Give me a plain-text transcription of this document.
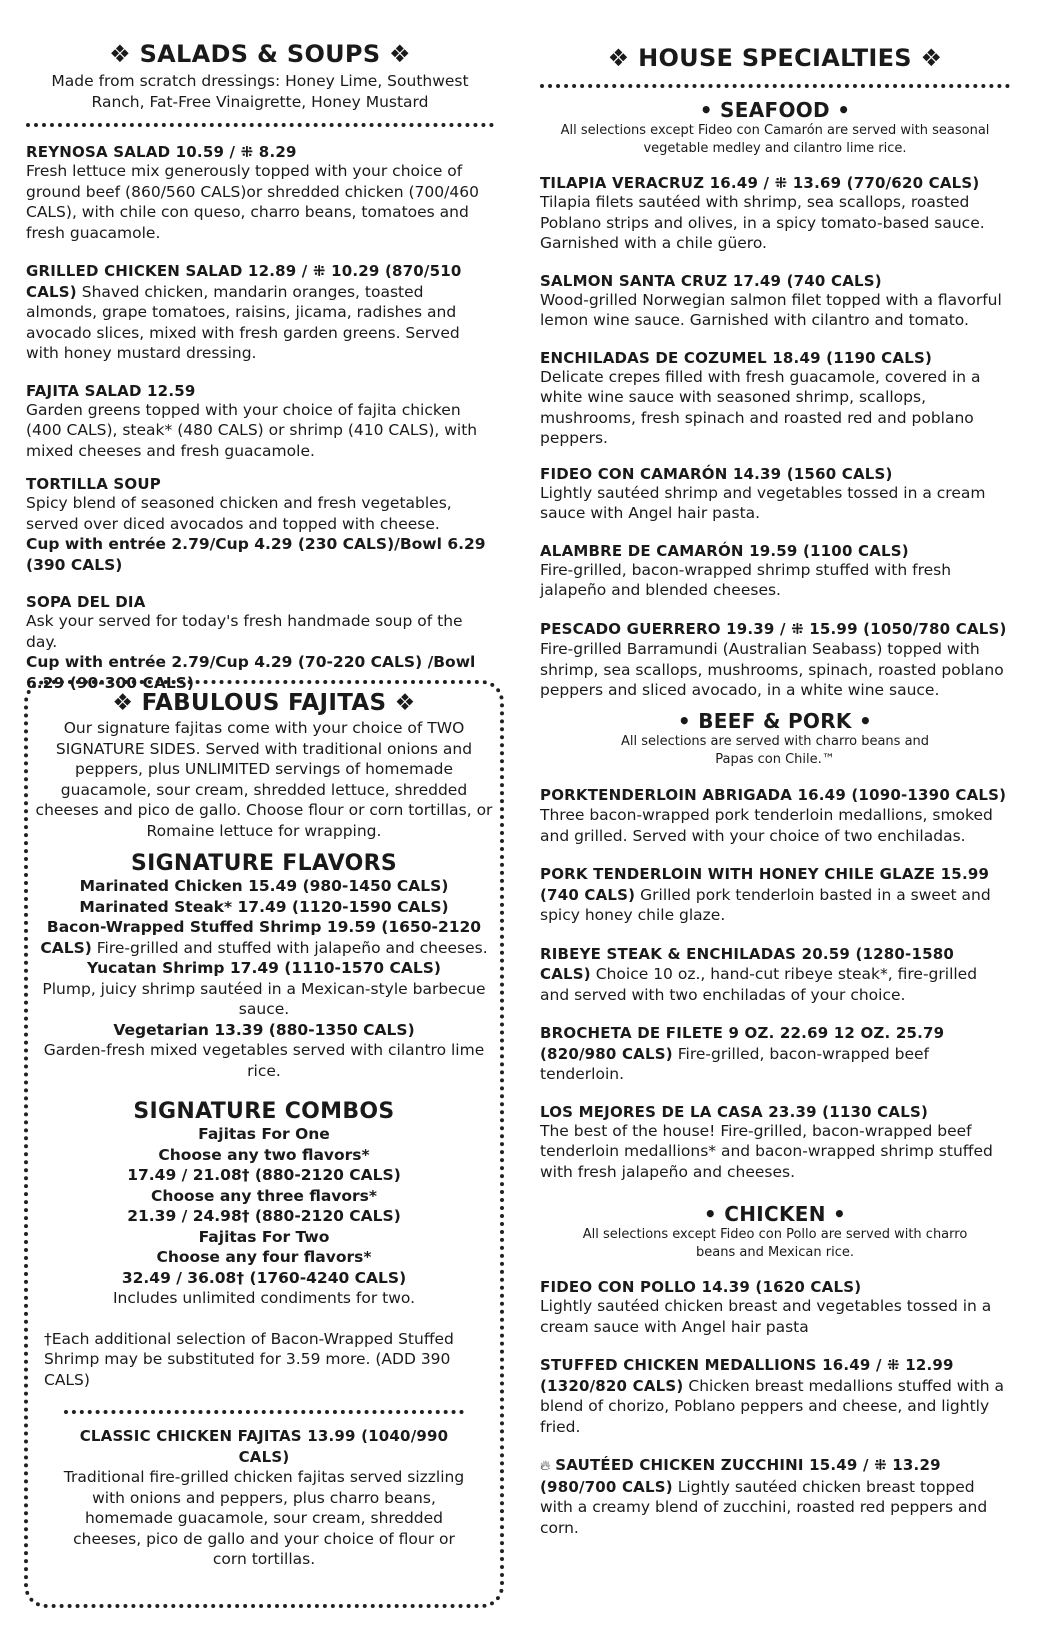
❖ SALADS & SOUPS ❖
Made from scratch dressings: Honey Lime, Southwest Ranch, Fat-Free Vinaigrette, Honey Mustard
REYNOSA SALAD 10.59 / ⁜ 8.29
Fresh lettuce mix generously topped with your choice of ground beef (860/560 CALS)or shredded chicken (700/460 CALS), with chile con queso, charro beans, tomatoes and fresh guacamole.
GRILLED CHICKEN SALAD 12.89 / ⁜ 10.29 (870/510 CALS) Shaved chicken, mandarin oranges, toasted almonds, grape tomatoes, raisins, jicama, radishes and avocado slices, mixed with fresh garden greens. Served with honey mustard dressing.
FAJITA SALAD 12.59
Garden greens topped with your choice of fajita chicken (400 CALS), steak* (480 CALS) or shrimp (410 CALS), with mixed cheeses and fresh guacamole.
TORTILLA SOUP
Spicy blend of seasoned chicken and fresh vegetables, served over diced avocados and topped with cheese.
Cup with entrée 2.79/Cup 4.29 (230 CALS)/Bowl 6.29 (390 CALS)
SOPA DEL DIA
Ask your served for today's fresh handmade soup of the day.
Cup with entrée 2.79/Cup 4.29 (70-220 CALS) /Bowl 6.29 (90-300 CALS)
❖ FABULOUS FAJITAS ❖
Our signature fajitas come with your choice of TWO SIGNATURE SIDES. Served with traditional onions and peppers, plus UNLIMITED servings of homemade guacamole, sour cream, shredded lettuce, shredded cheeses and pico de gallo. Choose flour or corn tortillas, or Romaine lettuce for wrapping.
SIGNATURE FLAVORS
Marinated Chicken 15.49 (980-1450 CALS)
Marinated Steak* 17.49 (1120-1590 CALS)
Bacon-Wrapped Stuffed Shrimp 19.59 (1650-2120 CALS) Fire-grilled and stuffed with jalapeño and cheeses.
Yucatan Shrimp 17.49 (1110-1570 CALS)
Plump, juicy shrimp sautéed in a Mexican-style barbecue sauce.
Vegetarian 13.39 (880-1350 CALS)
Garden-fresh mixed vegetables served with cilantro lime rice.
SIGNATURE COMBOS
Fajitas For One
Choose any two flavors*
17.49 / 21.08† (880-2120 CALS)
Choose any three flavors*
21.39 / 24.98† (880-2120 CALS)
Fajitas For Two
Choose any four flavors*
32.49 / 36.08† (1760-4240 CALS)
Includes unlimited condiments for two.
†Each additional selection of Bacon-Wrapped Stuffed Shrimp may be substituted for 3.59 more. (ADD 390 CALS)
CLASSIC CHICKEN FAJITAS 13.99 (1040/990 CALS)
Traditional fire-grilled chicken fajitas served sizzling with onions and peppers, plus charro beans, homemade guacamole, sour cream, shredded cheeses, pico de gallo and your choice of flour or corn tortillas.
❖ HOUSE SPECIALTIES ❖
• SEAFOOD •
All selections except Fideo con Camarón are served with seasonal vegetable medley and cilantro lime rice.
TILAPIA VERACRUZ 16.49 / ⁜ 13.69 (770/620 CALS)
Tilapia filets sautéed with shrimp, sea scallops, roasted Poblano strips and olives, in a spicy tomato-based sauce. Garnished with a chile güero.
SALMON SANTA CRUZ 17.49 (740 CALS)
Wood-grilled Norwegian salmon filet topped with a flavorful lemon wine sauce. Garnished with cilantro and tomato.
ENCHILADAS DE COZUMEL 18.49 (1190 CALS)
Delicate crepes filled with fresh guacamole, covered in a white wine sauce with seasoned shrimp, scallops, mushrooms, fresh spinach and roasted red and poblano peppers.
FIDEO CON CAMARÓN 14.39 (1560 CALS)
Lightly sautéed shrimp and vegetables tossed in a cream sauce with Angel hair pasta.
ALAMBRE DE CAMARÓN 19.59 (1100 CALS)
Fire-grilled, bacon-wrapped shrimp stuffed with fresh jalapeño and blended cheeses.
PESCADO GUERRERO 19.39 / ⁜ 15.99 (1050/780 CALS) Fire-grilled Barramundi (Australian Seabass) topped with shrimp, sea scallops, mushrooms, spinach, roasted poblano peppers and sliced avocado, in a white wine sauce.
• BEEF & PORK •
All selections are served with charro beans and Papas con Chile.™
PORKTENDERLOIN ABRIGADA 16.49 (1090-1390 CALS) Three bacon-wrapped pork tenderloin medallions, smoked and grilled. Served with your choice of two enchiladas.
PORK TENDERLOIN WITH HONEY CHILE GLAZE 15.99 (740 CALS) Grilled pork tenderloin basted in a sweet and spicy honey chile glaze.
RIBEYE STEAK & ENCHILADAS 20.59 (1280-1580 CALS) Choice 10 oz., hand-cut ribeye steak*, fire-grilled and served with two enchiladas of your choice.
BROCHETA DE FILETE 9 OZ. 22.69 12 OZ. 25.79 (820/980 CALS) Fire-grilled, bacon-wrapped beef tenderloin.
LOS MEJORES DE LA CASA 23.39 (1130 CALS)
The best of the house! Fire-grilled, bacon-wrapped beef tenderloin medallions* and bacon-wrapped shrimp stuffed with fresh jalapeño and cheeses.
• CHICKEN •
All selections except Fideo con Pollo are served with charro beans and Mexican rice.
FIDEO CON POLLO 14.39 (1620 CALS)
Lightly sautéed chicken breast and vegetables tossed in a cream sauce with Angel hair pasta
STUFFED CHICKEN MEDALLIONS 16.49 / ⁜ 12.99 (1320/820 CALS) Chicken breast medallions stuffed with a blend of chorizo, Poblano peppers and cheese, and lightly fried.
🔥︎ SAUTÉED CHICKEN ZUCCHINI 15.49 / ⁜ 13.29 (980/700 CALS) Lightly sautéed chicken breast topped with a creamy blend of zucchini, roasted red peppers and corn.
